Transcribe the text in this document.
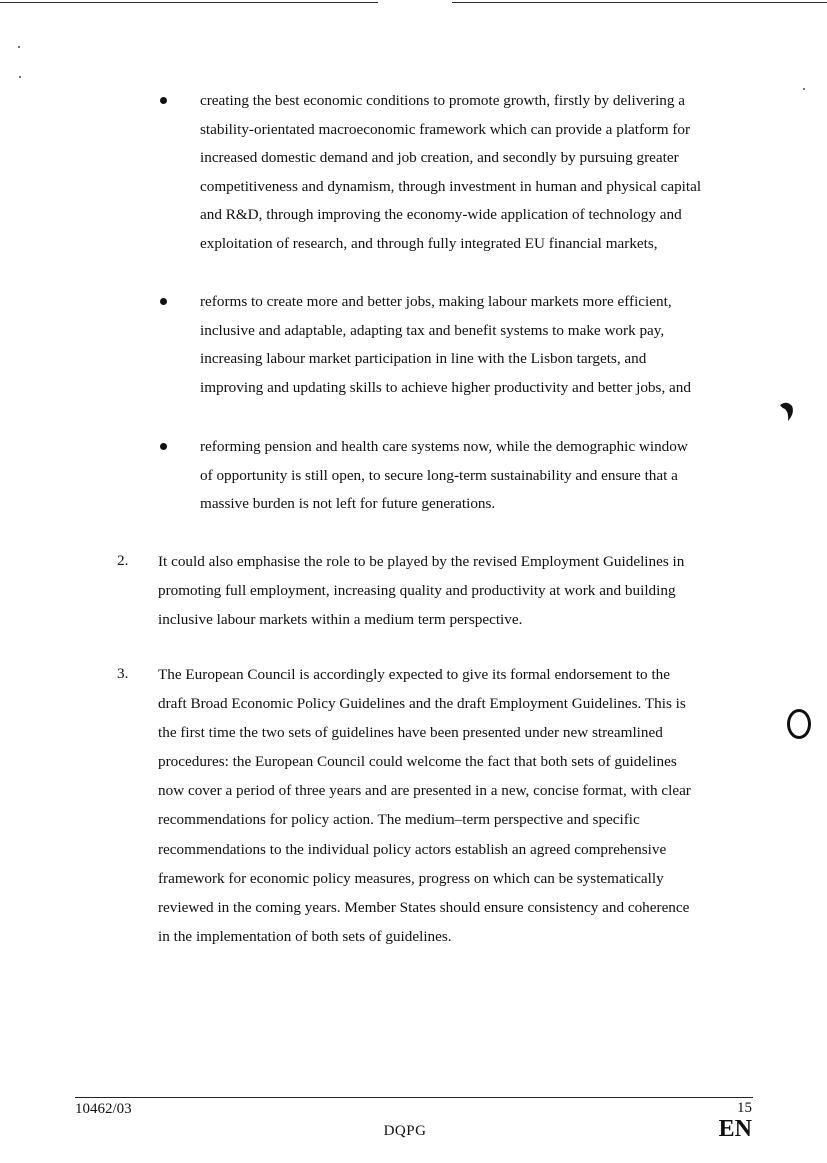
creating the best economic conditions to promote growth, firstly by delivering a
stability-orientated macroeconomic framework which can provide a platform for
increased domestic demand and job creation, and secondly by pursuing greater
competitiveness and dynamism, through investment in human and physical capital
and R&D, through improving the economy-wide application of technology and
exploitation of research, and through fully integrated EU financial markets,
reforms to create more and better jobs, making labour markets more efficient,
inclusive and adaptable, adapting tax and benefit systems to make work pay,
increasing labour market participation in line with the Lisbon targets, and
improving and updating skills to achieve higher productivity and better jobs, and
reforming pension and health care systems now, while the demographic window
of opportunity is still open, to secure long-term sustainability and ensure that a
massive burden is not left for future generations.
2. It could also emphasise the role to be played by the revised Employment Guidelines in
promoting full employment, increasing quality and productivity at work and building
inclusive labour markets within a medium term perspective.
3. The European Council is accordingly expected to give its formal endorsement to the
draft Broad Economic Policy Guidelines and the draft Employment Guidelines. This is
the first time the two sets of guidelines have been presented under new streamlined
procedures: the European Council could welcome the fact that both sets of guidelines
now cover a period of three years and are presented in a new, concise format, with clear
recommendations for policy action. The medium–term perspective and specific
recommendations to the individual policy actors establish an agreed comprehensive
framework for economic policy measures, progress on which can be systematically
reviewed in the coming years. Member States should ensure consistency and coherence
in the implementation of both sets of guidelines.
10462/03	15
DQPG	EN
